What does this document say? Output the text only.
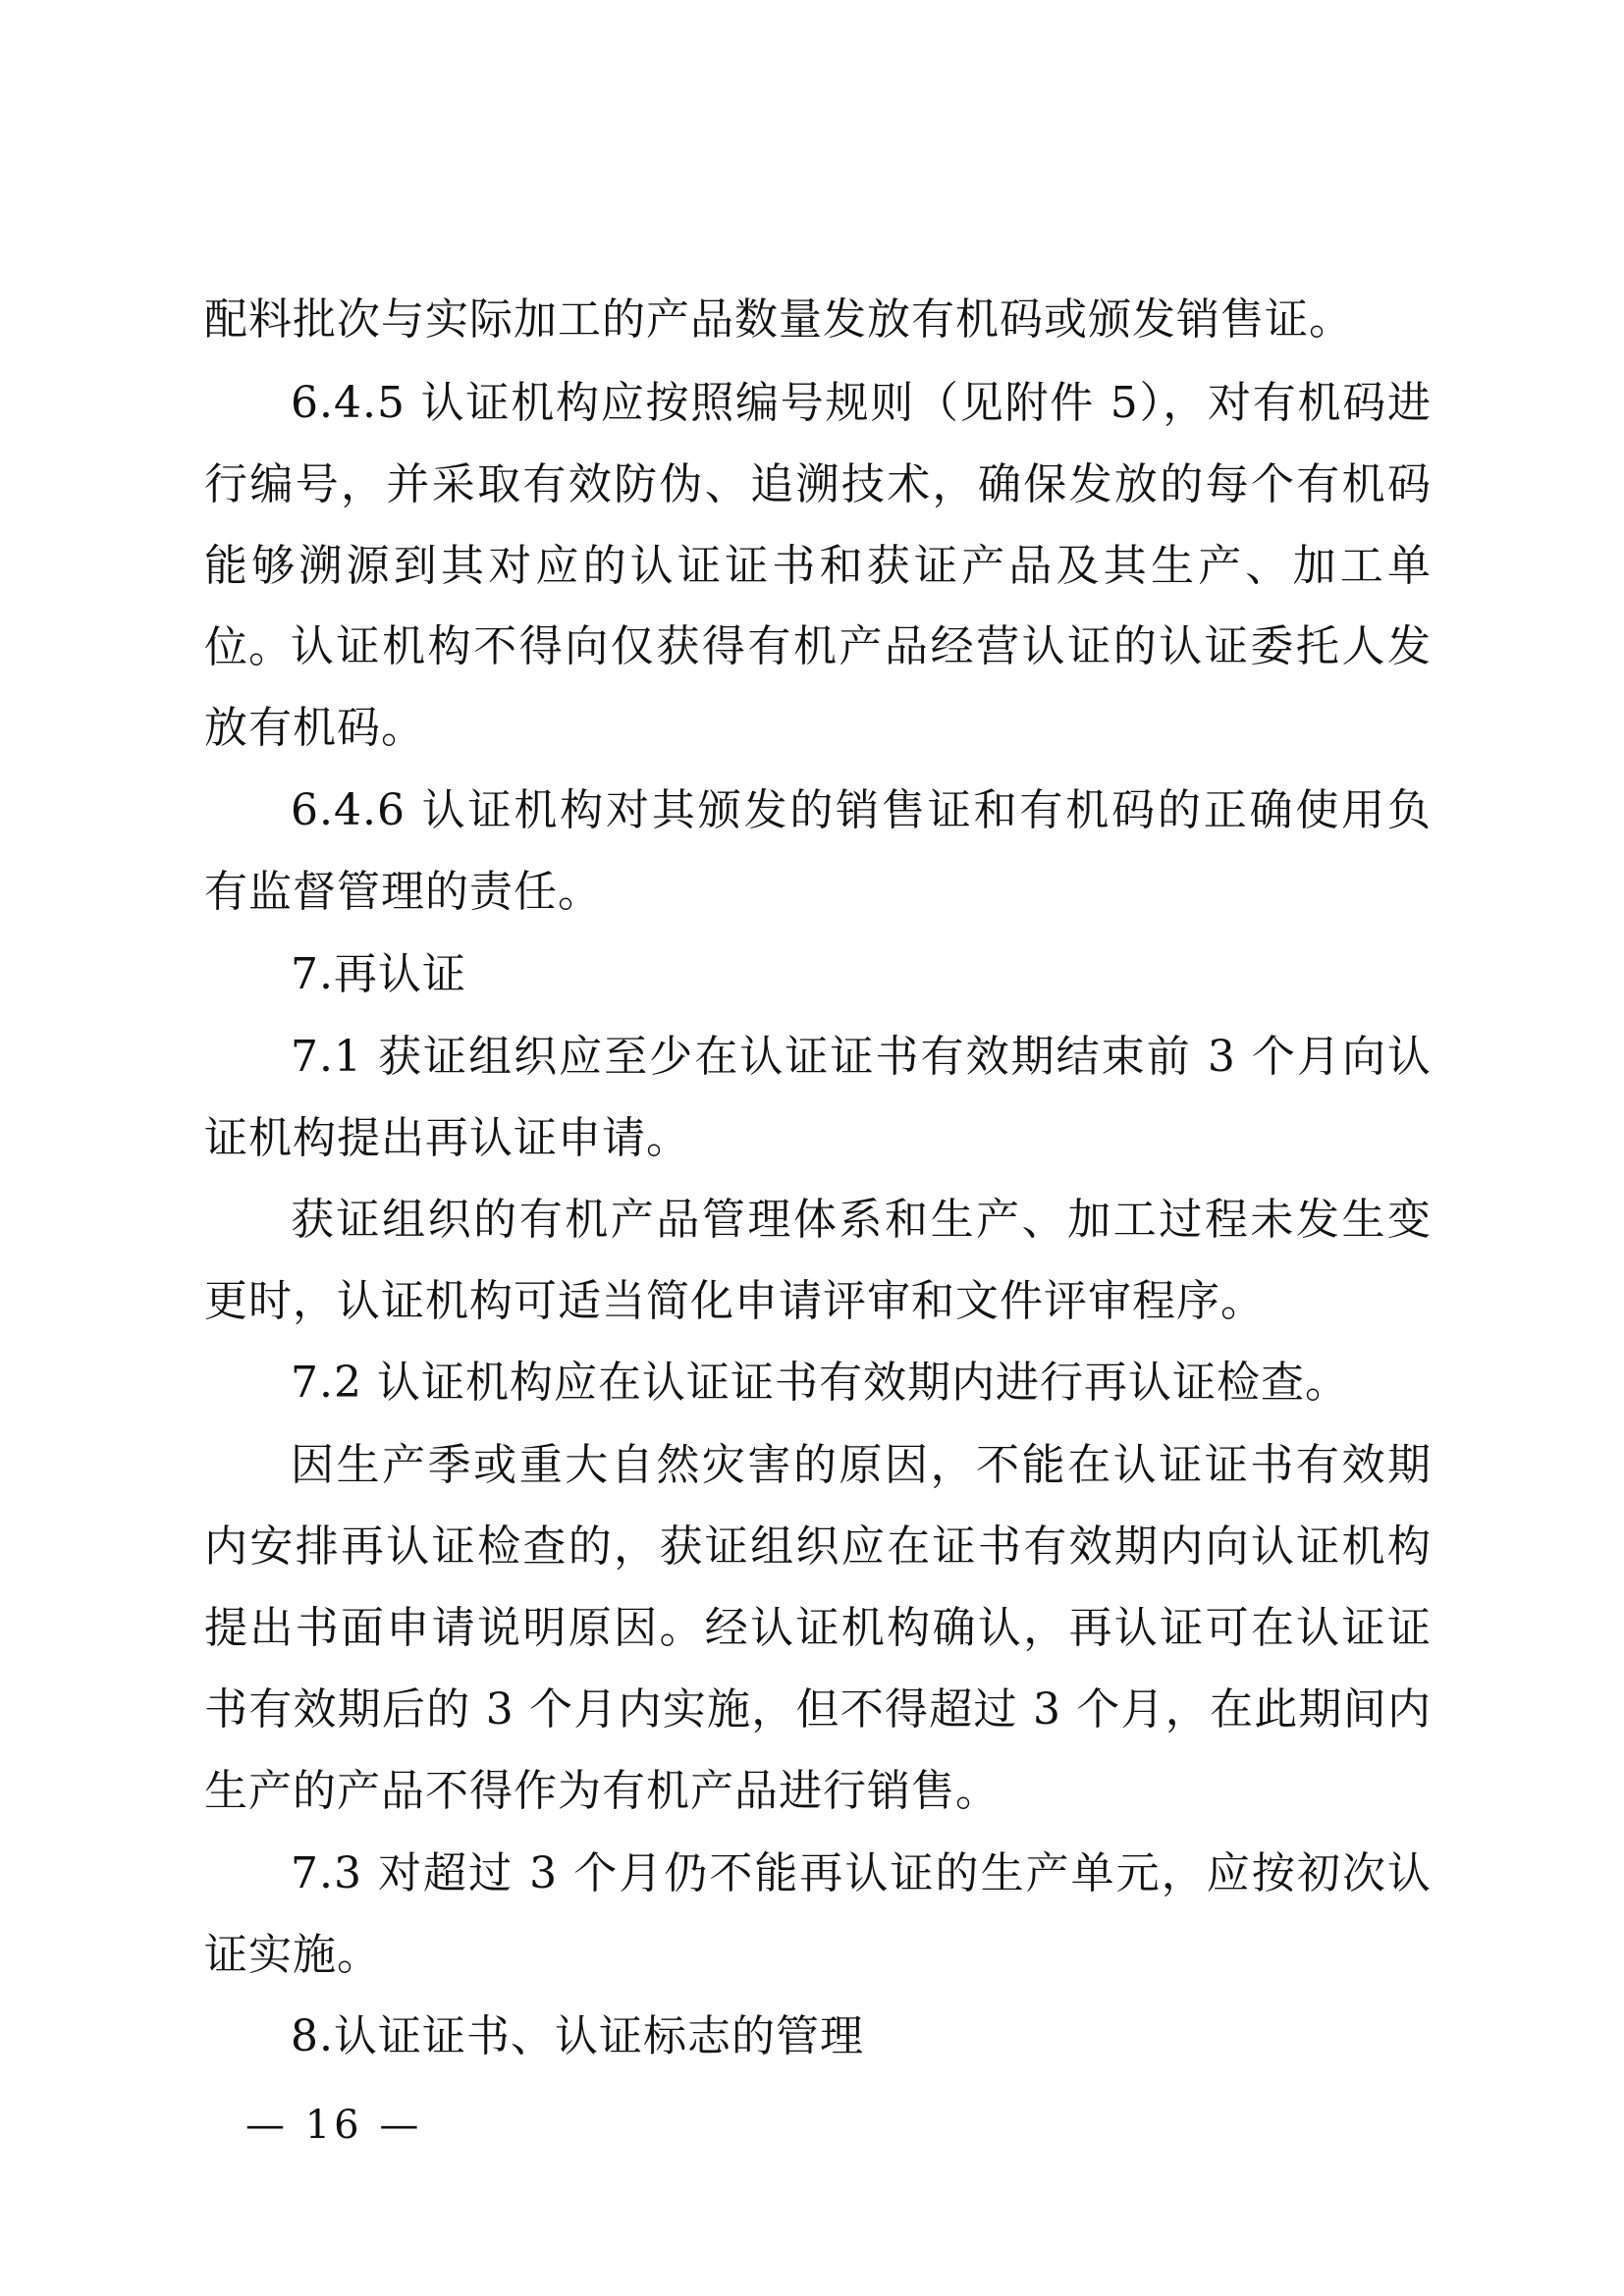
配料批次与实际加工的产品数量发放有机码或颁发销售证。

6.4.5 认证机构应按照编号规则（见附件 5），对有机码进行编号，并采取有效防伪、追溯技术，确保发放的每个有机码能够溯源到其对应的认证证书和获证产品及其生产、加工单位。

认证机构不得向仅获得有机产品经营认证的认证委托人发放有机码。

6.4.6 认证机构对其颁发的销售证和有机码的正确使用负有监督管理的责任。

7.再认证

7.1 获证组织应至少在认证证书有效期结束前 3 个月向认证机构提出再认证申请。

获证组织的有机产品管理体系和生产、加工过程未发生变更时，认证机构可适当简化申请评审和文件评审程序。

7.2 认证机构应在认证证书有效期内进行再认证检查。

因生产季或重大自然灾害的原因，不能在认证证书有效期内安排再认证检查的，获证组织应在证书有效期内向认证机构提出书面申请说明原因。经认证机构确认，再认证可在认证证书有效期后的 3 个月内实施，但不得超过 3 个月，在此期间内生产的产品不得作为有机产品进行销售。

7.3 对超过 3 个月仍不能再认证的生产单元，应按初次认证实施。

8.认证证书、认证标志的管理

— 16 —
